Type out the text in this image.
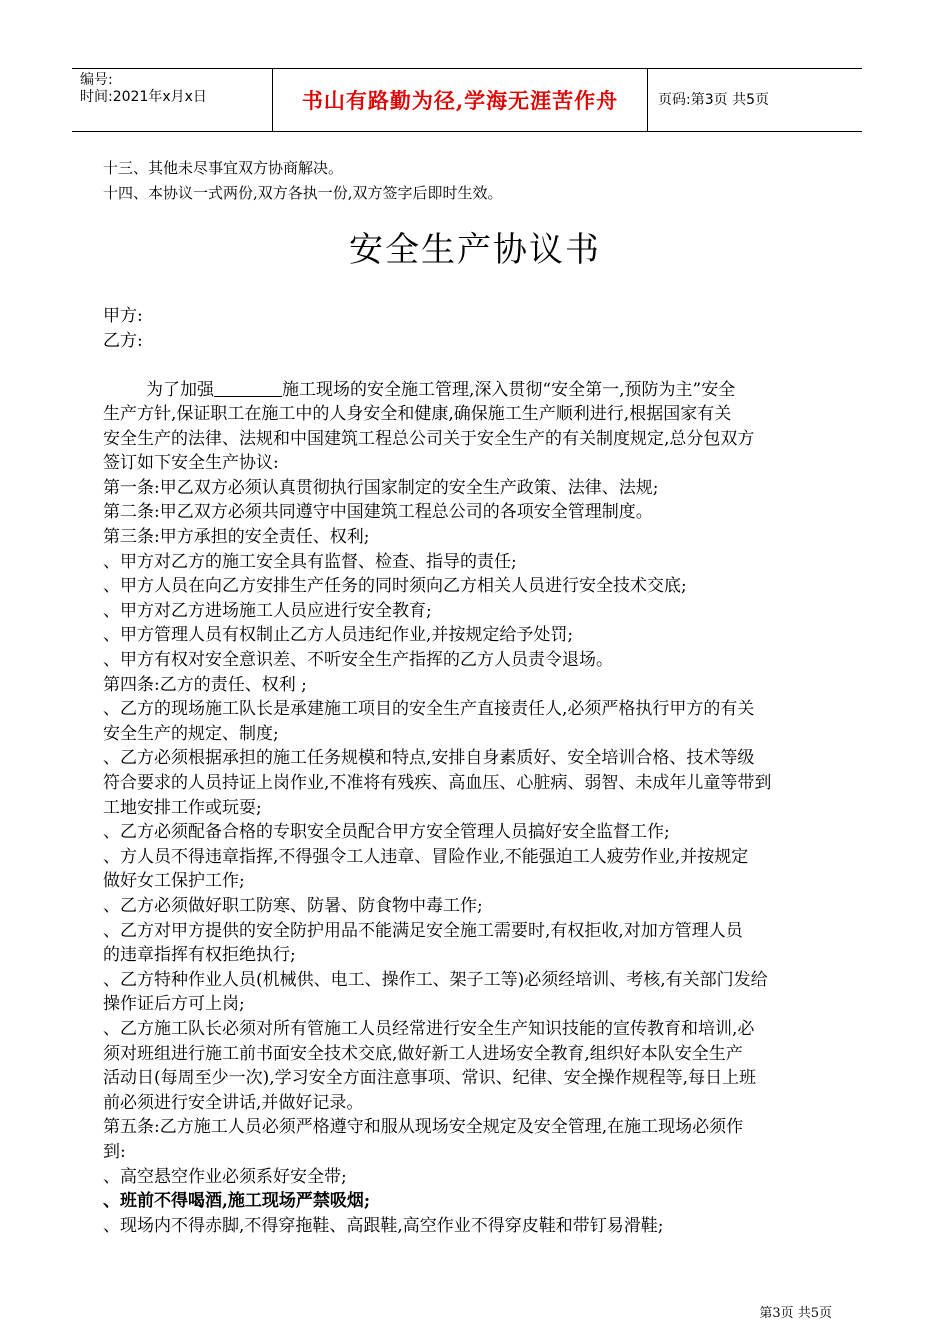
编号:
时间:2021年x月x日	书山有路勤为径,学海无涯苦作舟	页码:第3页 共5页
十三、其他未尽事宜双方协商解决。
十四、本协议一式两份,双方各执一份,双方签字后即时生效。
安全生产协议书
甲方:
乙方:
为了加强	施工现场的安全施工管理,深入贯彻“安全第一,预防为主”安全
生产方针,保证职工在施工中的人身安全和健康,确保施工生产顺利进行,根据国家有关
安全生产的法律、法规和中国建筑工程总公司关于安全生产的有关制度规定,总分包双方
签订如下安全生产协议:
第一条:甲乙双方必须认真贯彻执行国家制定的安全生产政策、法律、法规;
第二条:甲乙双方必须共同遵守中国建筑工程总公司的各项安全管理制度。
第三条:甲方承担的安全责任、权利;
、甲方对乙方的施工安全具有监督、检查、指导的责任;
、甲方人员在向乙方安排生产任务的同时须向乙方相关人员进行安全技术交底;
、甲方对乙方进场施工人员应进行安全教育;
、甲方管理人员有权制止乙方人员违纪作业,并按规定给予处罚;
、甲方有权对安全意识差、不听安全生产指挥的乙方人员责令退场。
第四条:乙方的责任、权利 ;
、乙方的现场施工队长是承建施工项目的安全生产直接责任人,必须严格执行甲方的有关
安全生产的规定、制度;
、乙方必须根据承担的施工任务规模和特点,安排自身素质好、安全培训合格、技术等级
符合要求的人员持证上岗作业,不准将有残疾、高血压、心脏病、弱智、未成年儿童等带到
工地安排工作或玩耍;
、乙方必须配备合格的专职安全员配合甲方安全管理人员搞好安全监督工作;
、方人员不得违章指挥,不得强令工人违章、冒险作业,不能强迫工人疲劳作业,并按规定
做好女工保护工作;
、乙方必须做好职工防寒、防暑、防食物中毒工作;
、乙方对甲方提供的安全防护用品不能满足安全施工需要时,有权拒收,对加方管理人员
的违章指挥有权拒绝执行;
、乙方特种作业人员(机械供、电工、操作工、架子工等)必须经培训、考核,有关部门发给
操作证后方可上岗;
、乙方施工队长必须对所有管施工人员经常进行安全生产知识技能的宣传教育和培训,必
须对班组进行施工前书面安全技术交底,做好新工人进场安全教育,组织好本队安全生产
活动日(每周至少一次),学习安全方面注意事项、常识、纪律、安全操作规程等,每日上班
前必须进行安全讲话,并做好记录。
第五条:乙方施工人员必须严格遵守和服从现场安全规定及安全管理,在施工现场必须作
到:
、高空悬空作业必须系好安全带;
、班前不得喝酒,施工现场严禁吸烟;
、现场内不得赤脚,不得穿拖鞋、高跟鞋,高空作业不得穿皮鞋和带钉易滑鞋;
第3页 共5页
